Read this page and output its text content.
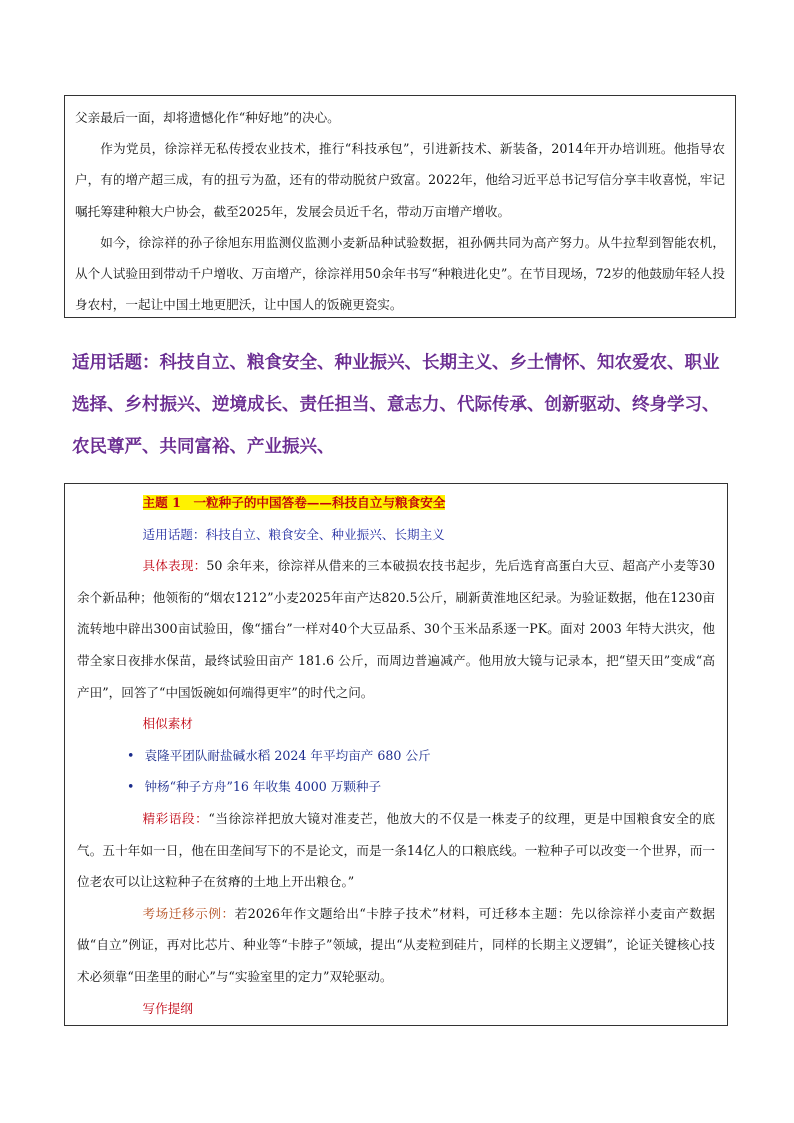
父亲最后一面，却将遗憾化作“种好地”的决心。

作为党员，徐淙祥无私传授农业技术，推行“科技承包”，引进新技术、新装备，2014年开办培训班。他指导农户，有的增产超三成，有的扭亏为盈，还有的带动脱贫户致富。2022年，他给习近平总书记写信分享丰收喜悦，牢记嘱托筹建种粮大户协会，截至2025年，发展会员近千名，带动万亩增产增收。

如今，徐淙祥的孙子徐旭东用监测仪监测小麦新品种试验数据，祖孙俩共同为高产努力。从牛拉犁到智能农机，从个人试验田到带动千户增收、万亩增产，徐淙祥用50余年书写“种粮进化史”。在节目现场，72岁的他鼓励年轻人投身农村，一起让中国土地更肥沃，让中国人的饭碗更瓷实。

适用话题：科技自立、粮食安全、种业振兴、长期主义、乡土情怀、知农爱农、职业选择、乡村振兴、逆境成长、责任担当、意志力、代际传承、创新驱动、终身学习、农民尊严、共同富裕、产业振兴、

主题 1　一粒种子的中国答卷——科技自立与粮食安全

适用话题：科技自立、粮食安全、种业振兴、长期主义

具体表现：50 余年来，徐淙祥从借来的三本破损农技书起步，先后选育高蛋白大豆、超高产小麦等30余个新品种；他领衔的“烟农1212”小麦2025年亩产达820.5公斤，刷新黄淮地区纪录。为验证数据，他在1230亩流转地中辟出300亩试验田，像“擂台”一样对40个大豆品系、30个玉米品系逐一PK。面对 2003 年特大洪灾，他带全家日夜排水保苗，最终试验田亩产 181.6 公斤，而周边普遍减产。他用放大镜与记录本，把“望天田”变成“高产田”，回答了“中国饭碗如何端得更牢”的时代之问。

相似素材

• 袁隆平团队耐盐碱水稻 2024 年平均亩产 680 公斤

• 钟杨“种子方舟”16 年收集 4000 万颗种子

精彩语段：“当徐淙祥把放大镜对准麦芒，他放大的不仅是一株麦子的纹理，更是中国粮食安全的底气。五十年如一日，他在田垄间写下的不是论文，而是一条14亿人的口粮底线。一粒种子可以改变一个世界，而一位老农可以让这粒种子在贫瘠的土地上开出粮仓。”

考场迁移示例：若2026年作文题给出“卡脖子技术”材料，可迁移本主题：先以徐淙祥小麦亩产数据做“自立”例证，再对比芯片、种业等“卡脖子”领域，提出“从麦粒到硅片，同样的长期主义逻辑”，论证关键核心技术必须靠“田垄里的耐心”与“实验室里的定力”双轮驱动。

写作提纲
